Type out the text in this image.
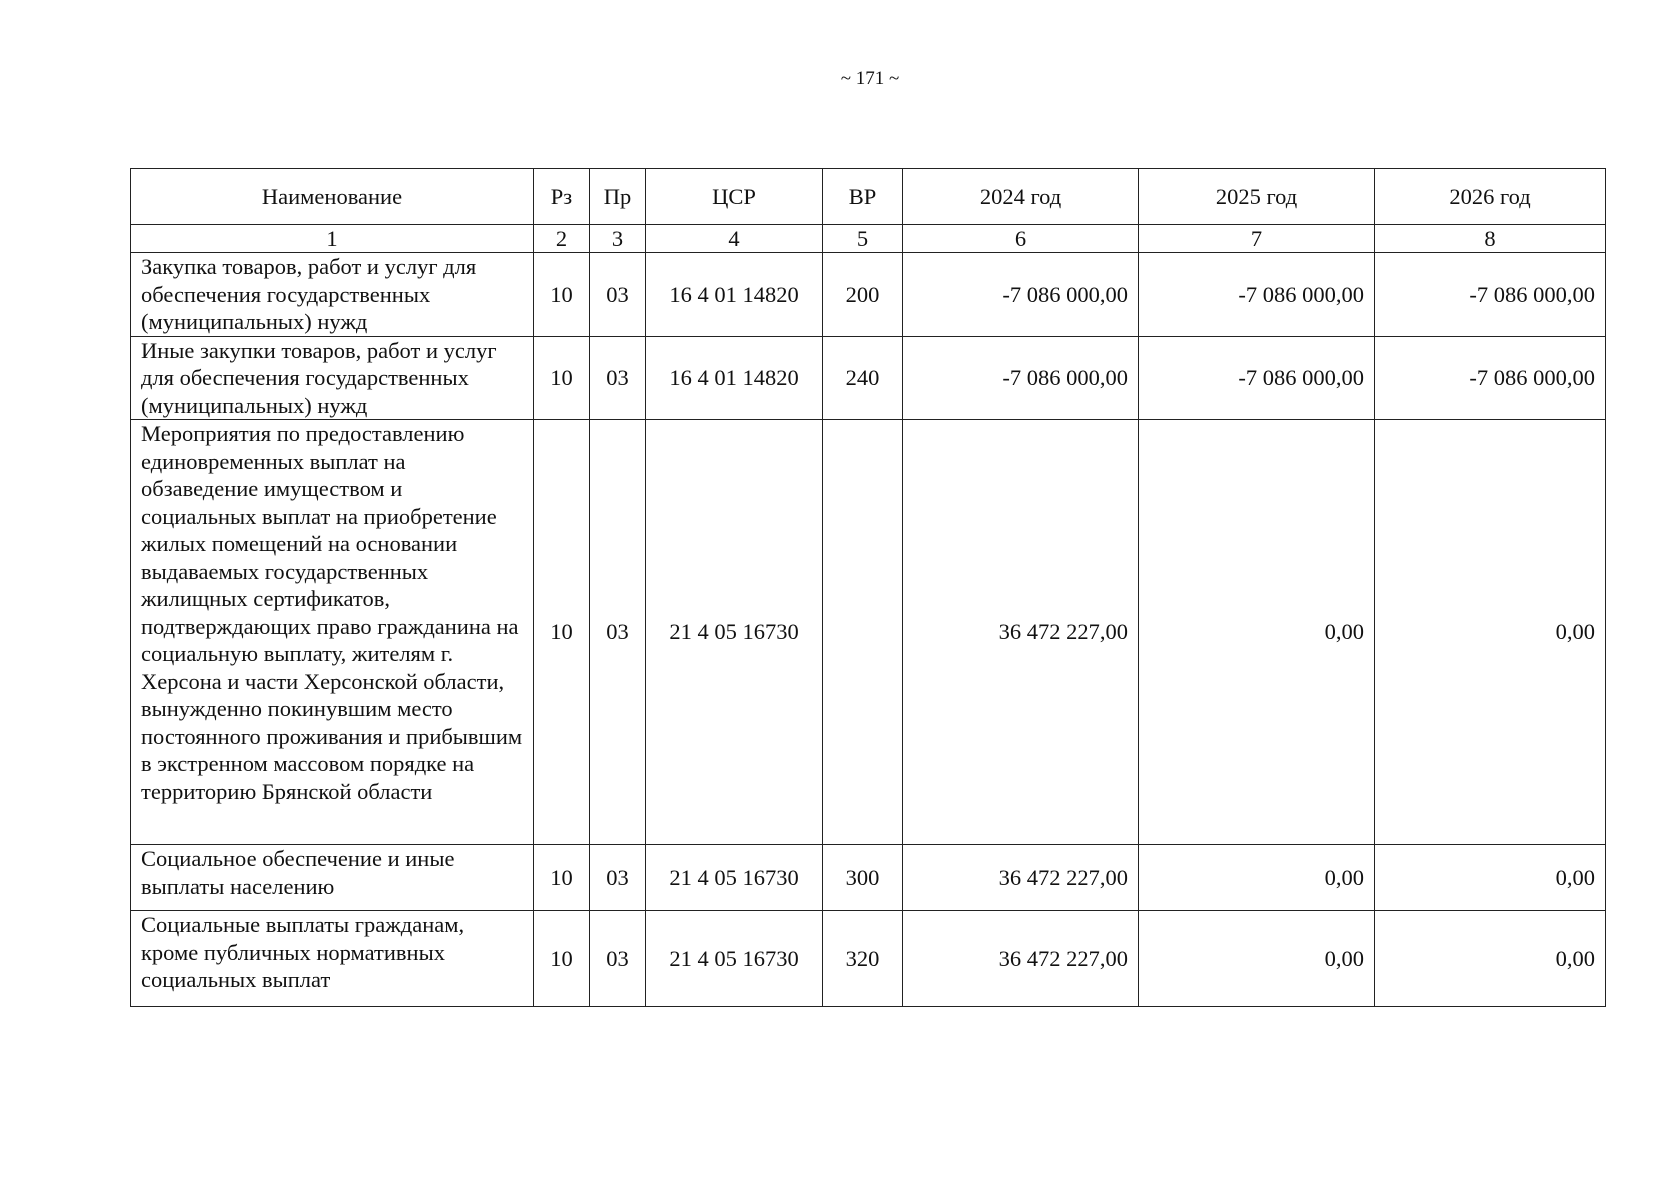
~ 171 ~
Наименование	Рз	Пр	ЦСР	ВР	2024 год	2025 год	2026 год
1	2	3	4	5	6	7	8
Закупка товаров, работ и услуг для обеспечения государственных (муниципальных) нужд	10	03	16 4 01 14820	200	-7 086 000,00	-7 086 000,00	-7 086 000,00
Иные закупки товаров, работ и услуг для обеспечения государственных (муниципальных) нужд	10	03	16 4 01 14820	240	-7 086 000,00	-7 086 000,00	-7 086 000,00
Мероприятия по предоставлению единовременных выплат на обзаведение имуществом и социальных выплат на приобретение жилых помещений на основании выдаваемых государственных жилищных сертификатов, подтверждающих право гражданина на социальную выплату, жителям г. Херсона и части Херсонской области, вынужденно покинувшим место постоянного проживания и прибывшим в экстренном массовом порядке на территорию Брянской области	10	03	21 4 05 16730		36 472 227,00	0,00	0,00
Социальное обеспечение и иные выплаты населению	10	03	21 4 05 16730	300	36 472 227,00	0,00	0,00
Социальные выплаты гражданам, кроме публичных нормативных социальных выплат	10	03	21 4 05 16730	320	36 472 227,00	0,00	0,00
